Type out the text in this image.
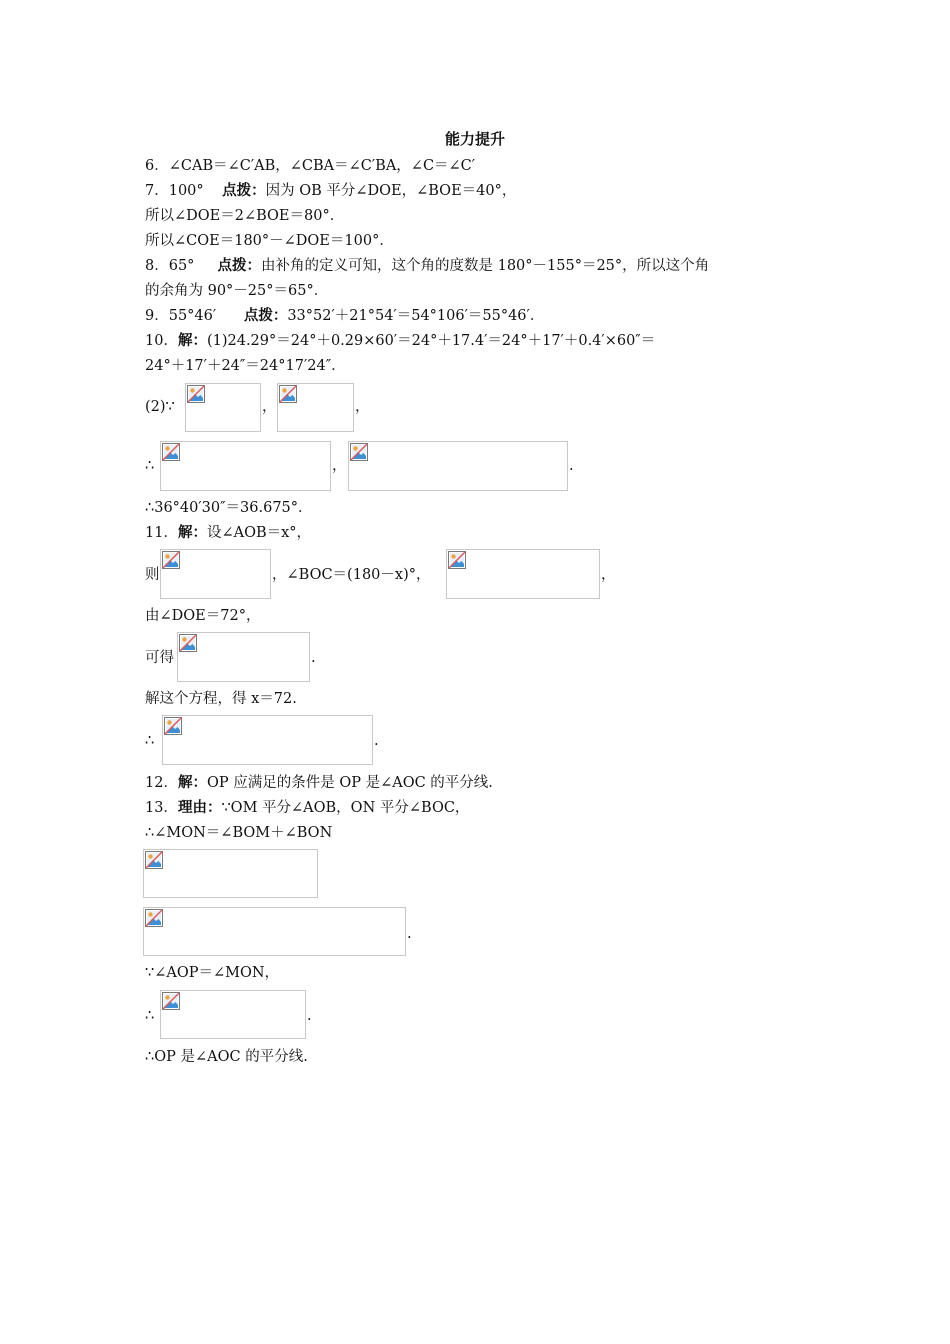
能力提升
6．∠CAB＝∠C′AB，∠CBA＝∠C′BA，∠C＝∠C′
7．100° 点拨：因为 OB 平分∠DOE，∠BOE＝40°，
所以∠DOE＝2∠BOE＝80°．
所以∠COE＝180°－∠DOE＝100°．
8．65° 点拨：由补角的定义可知，这个角的度数是 180°－155°＝25°，所以这个角
的余角为 90°－25°＝65°．
9．55°46′ 点拨：33°52′＋21°54′＝54°106′＝55°46′．
10．解：(1)24.29°＝24°＋0.29×60′＝24°＋17.4′＝24°＋17′＋0.4′×60″＝
24°＋17′＋24″＝24°17′24″．
(2)∵	，	，
∴	，	.
∴36°40′30″＝36.675°．
11．解：设∠AOB＝x°，
则	，∠BOC＝(180－x)°，	，
由∠DOE＝72°，
可得	.
解这个方程，得 x＝72.
∴	.
12．解：OP 应满足的条件是 OP 是∠AOC 的平分线.
13．理由：∵OM 平分∠AOB，ON 平分∠BOC，
∴∠MON＝∠BOM＋∠BON
.
∵∠AOP＝∠MON，
∴	.
∴OP 是∠AOC 的平分线.
